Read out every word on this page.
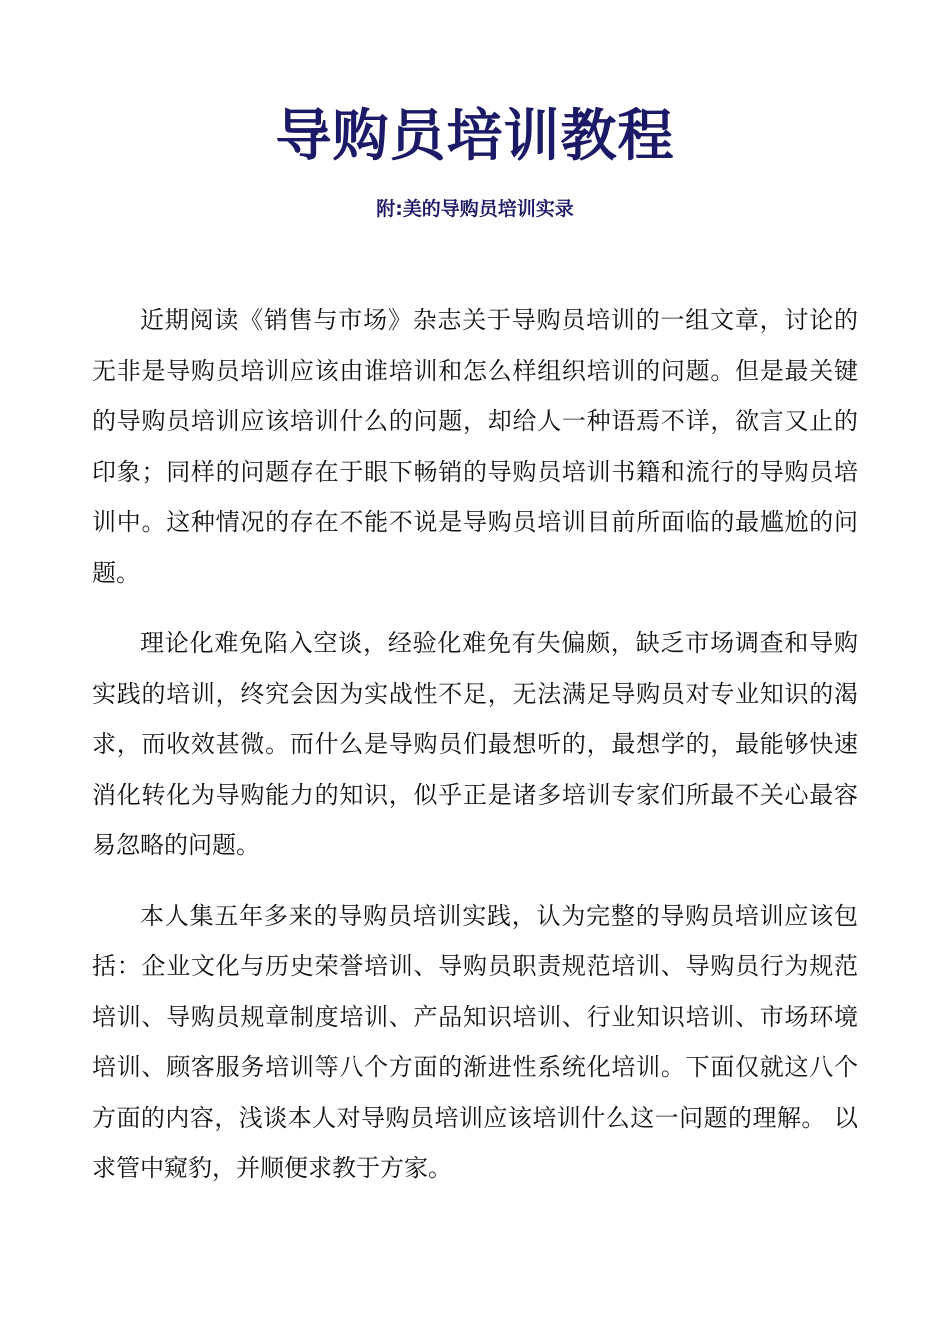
导购员培训教程
附:美的导购员培训实录

近期阅读《销售与市场》杂志关于导购员培训的一组文章，讨论的无非是导购员培训应该由谁培训和怎么样组织培训的问题。但是最关键的导购员培训应该培训什么的问题，却给人一种语焉不详，欲言又止的印象；同样的问题存在于眼下畅销的导购员培训书籍和流行的导购员培训中。这种情况的存在不能不说是导购员培训目前所面临的最尴尬的问题。

理论化难免陷入空谈，经验化难免有失偏颇，缺乏市场调查和导购实践的培训，终究会因为实战性不足，无法满足导购员对专业知识的渴求，而收效甚微。而什么是导购员们最想听的，最想学的，最能够快速消化转化为导购能力的知识，似乎正是诸多培训专家们所最不关心最容易忽略的问题。

本人集五年多来的导购员培训实践，认为完整的导购员培训应该包括：企业文化与历史荣誉培训、导购员职责规范培训、导购员行为规范培训、导购员规章制度培训、产品知识培训、行业知识培训、市场环境培训、顾客服务培训等八个方面的渐进性系统化培训。下面仅就这八个方面的内容，浅谈本人对导购员培训应该培训什么这一问题的理解。 以求管中窥豹，并顺便求教于方家。
